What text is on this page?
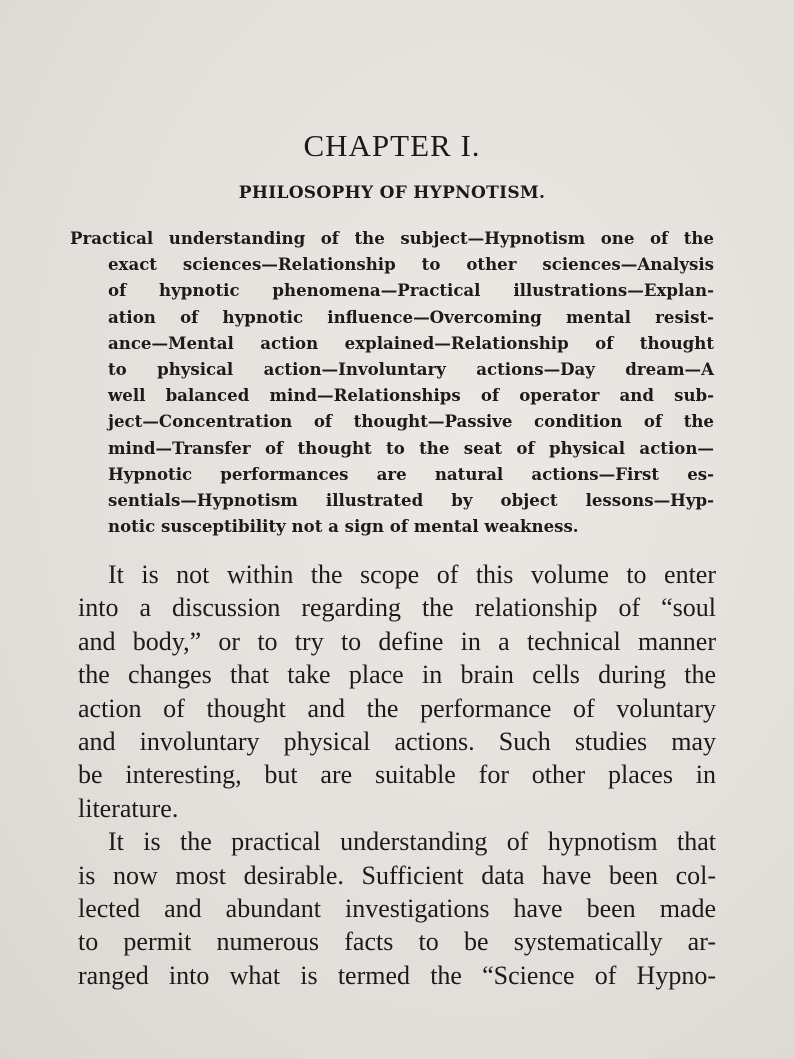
CHAPTER I.
PHILOSOPHY OF HYPNOTISM.
Practical understanding of the subject—Hypnotism one of the
exact sciences—Relationship to other sciences—Analysis
of hypnotic phenomena—Practical illustrations—Explan-
ation of hypnotic influence—Overcoming mental resist-
ance—Mental action explained—Relationship of thought
to physical action—Involuntary actions—Day dream—A
well balanced mind—Relationships of operator and sub-
ject—Concentration of thought—Passive condition of the
mind—Transfer of thought to the seat of physical action—
Hypnotic performances are natural actions—First es-
sentials—Hypnotism illustrated by object lessons—Hyp-
notic susceptibility not a sign of mental weakness.
It is not within the scope of this volume to enter
into a discussion regarding the relationship of “soul
and body,” or to try to define in a technical manner
the changes that take place in brain cells during the
action of thought and the performance of voluntary
and involuntary physical actions. Such studies may
be interesting, but are suitable for other places in
literature.
It is the practical understanding of hypnotism that
is now most desirable. Sufficient data have been col-
lected and abundant investigations have been made
to permit numerous facts to be systematically ar-
ranged into what is termed the “Science of Hypno-
